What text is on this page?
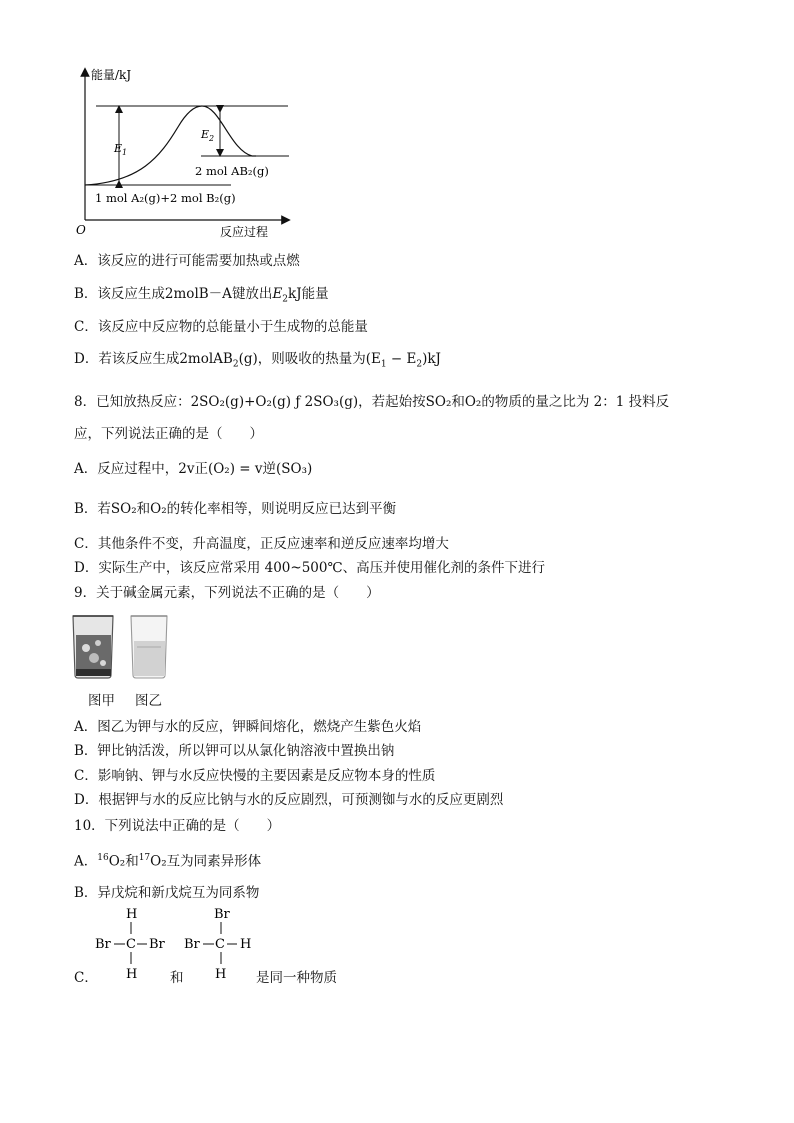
能量/kJ
反应过程
O
$E_1$
$E_2$
2 mol AB₂(g)
1 mol A₂(g)+2 mol B₂(g)
A．该反应的进行可能需要加热或点燃
B．该反应生成2molB－A键放出$E_2kJ$能量
C．该反应中反应物的总能量小于生成物的总能量
D．若该反应生成2molAB$_2$(g)，则吸收的热量为$(E_1 - E_2)kJ$
8．已知放热反应：2SO₂(g)+O₂(g) ƒ 2SO₃(g)，若起始按SO₂和O₂的物质的量之比为 2：1 投料反
应，下列说法正确的是（　　）
A．反应过程中，2v正(O₂) = v逆(SO₃)
B．若SO₂和O₂的转化率相等，则说明反应已达到平衡
C．其他条件不变，升高温度，正反应速率和逆反应速率均增大
D．实际生产中，该反应常采用 400~500℃、高压并使用催化剂的条件下进行
9．关于碱金属元素，下列说法不正确的是（　　）
图甲 图乙
A．图乙为钾与水的反应，钾瞬间熔化，燃烧产生紫色火焰
B．钾比钠活泼，所以钾可以从氯化钠溶液中置换出钠
C．影响钠、钾与水反应快慢的主要因素是反应物本身的性质
D．根据钾与水的反应比钠与水的反应剧烈，可预测铷与水的反应更剧烈
10．下列说法中正确的是（　　）
A．$^{16}$O₂和$^{17}$O₂互为同素异形体
B．异戊烷和新戊烷互为同系物
H
Br C Br
H
Br
Br C H
H
C．	和	是同一种物质
